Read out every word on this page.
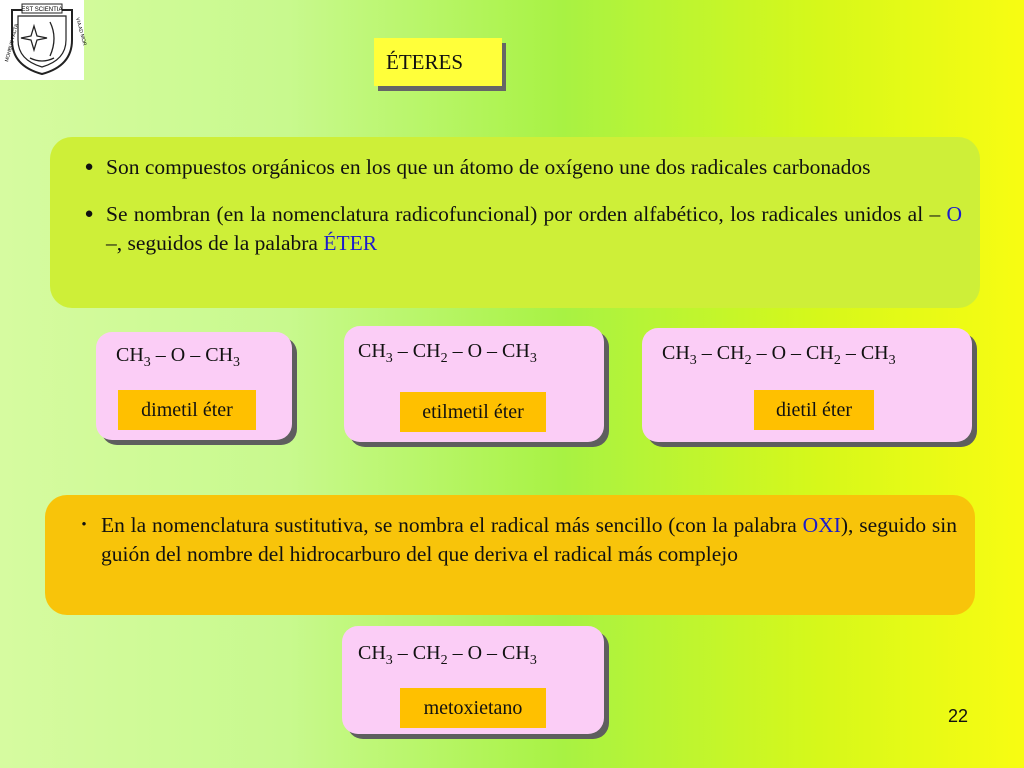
EST SCIENTIA
MOHBUS FACTA	VIA AD MOR
ÉTERES
● Son compuestos orgánicos en los que un átomo de oxígeno une dos radicales carbonados
● Se nombran (en la nomenclatura radicofuncional) por orden alfabético, los radicales unidos al – O –, seguidos de la palabra ÉTER
$CH_3$ – O – $CH_3$
dimetil éter
$CH_3 - CH_2$ – O – $CH_3$
etilmetil éter
$CH_3 - CH_2$ – O – $CH_2 - CH_3$
dietil éter
• En la nomenclatura sustitutiva, se nombra el radical más sencillo (con la palabra OXI), seguido sin guión del nombre del hidrocarburo del que deriva el radical más complejo
$CH_3 - CH_2$ – O – $CH_3$
metoxietano	22
